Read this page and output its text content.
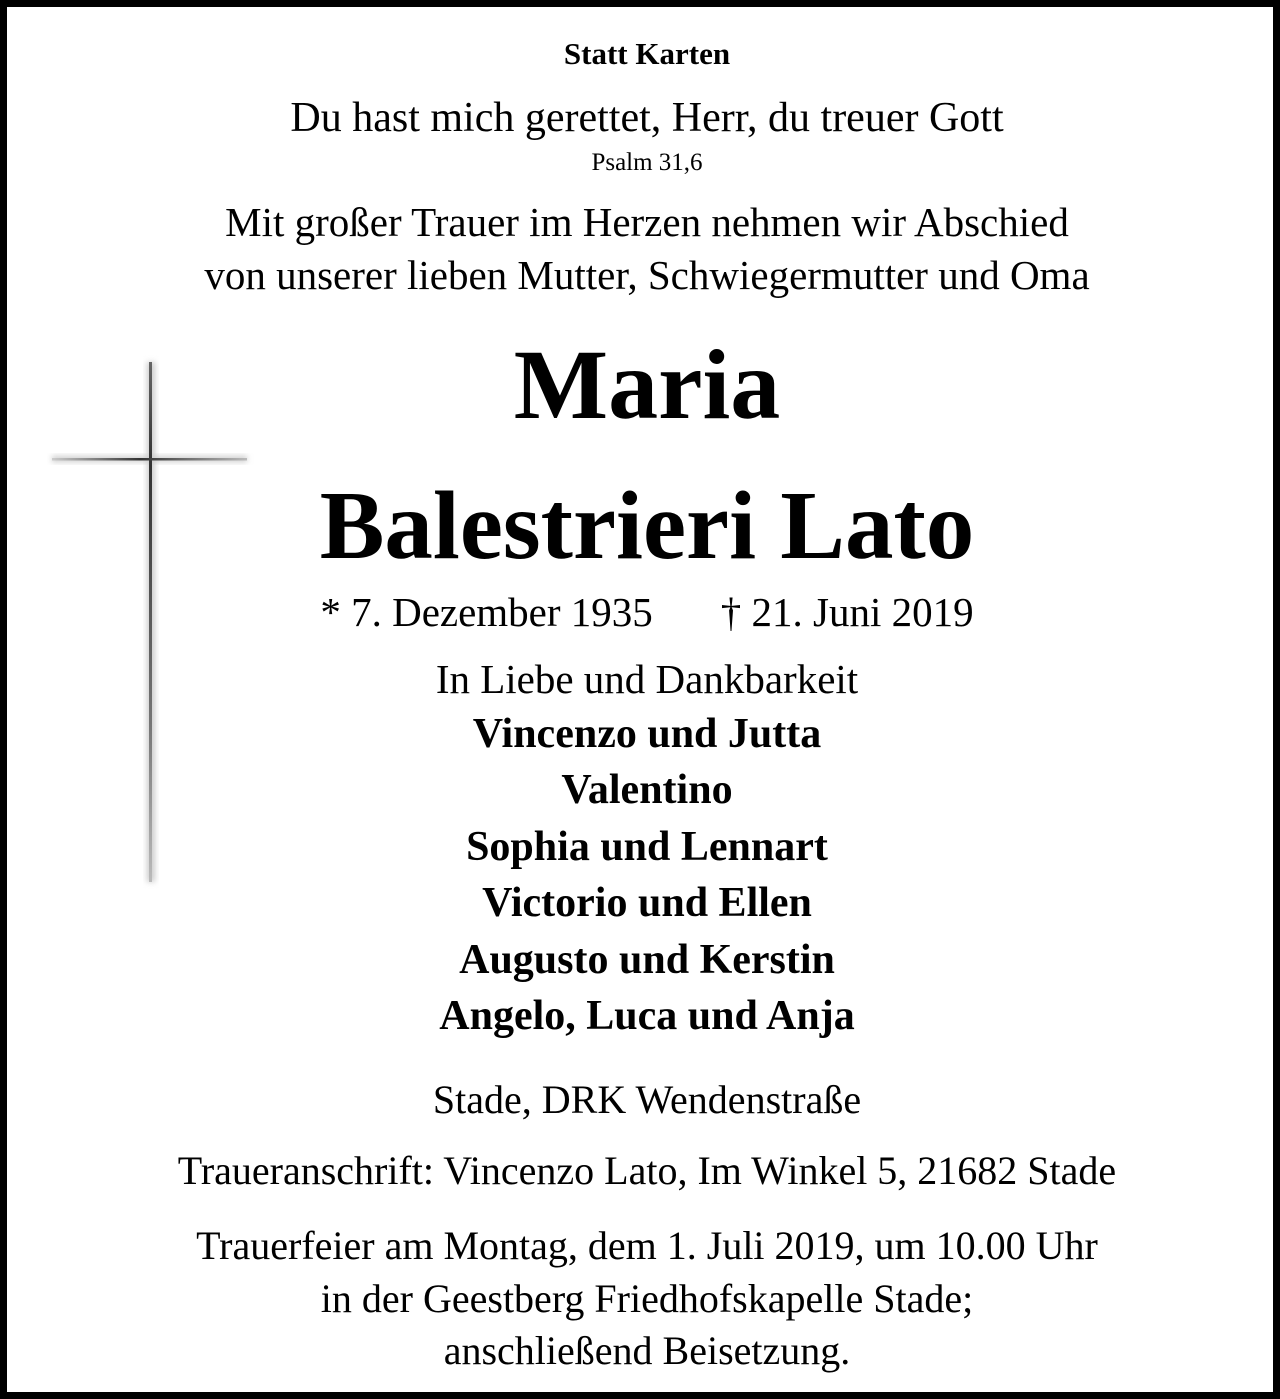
Statt Karten
Du hast mich gerettet, Herr, du treuer Gott
Psalm 31,6
Mit großer Trauer im Herzen nehmen wir Abschied
von unserer lieben Mutter, Schwiegermutter und Oma
Maria
Balestrieri Lato
* 7. Dezember 1935 † 21. Juni 2019
In Liebe und Dankbarkeit
Vincenzo und Jutta
Valentino
Sophia und Lennart
Victorio und Ellen
Augusto und Kerstin
Angelo, Luca und Anja
Stade, DRK Wendenstraße
Traueranschrift: Vincenzo Lato, Im Winkel 5, 21682 Stade
Trauerfeier am Montag, dem 1. Juli 2019, um 10.00 Uhr
in der Geestberg Friedhofskapelle Stade;
anschließend Beisetzung.
